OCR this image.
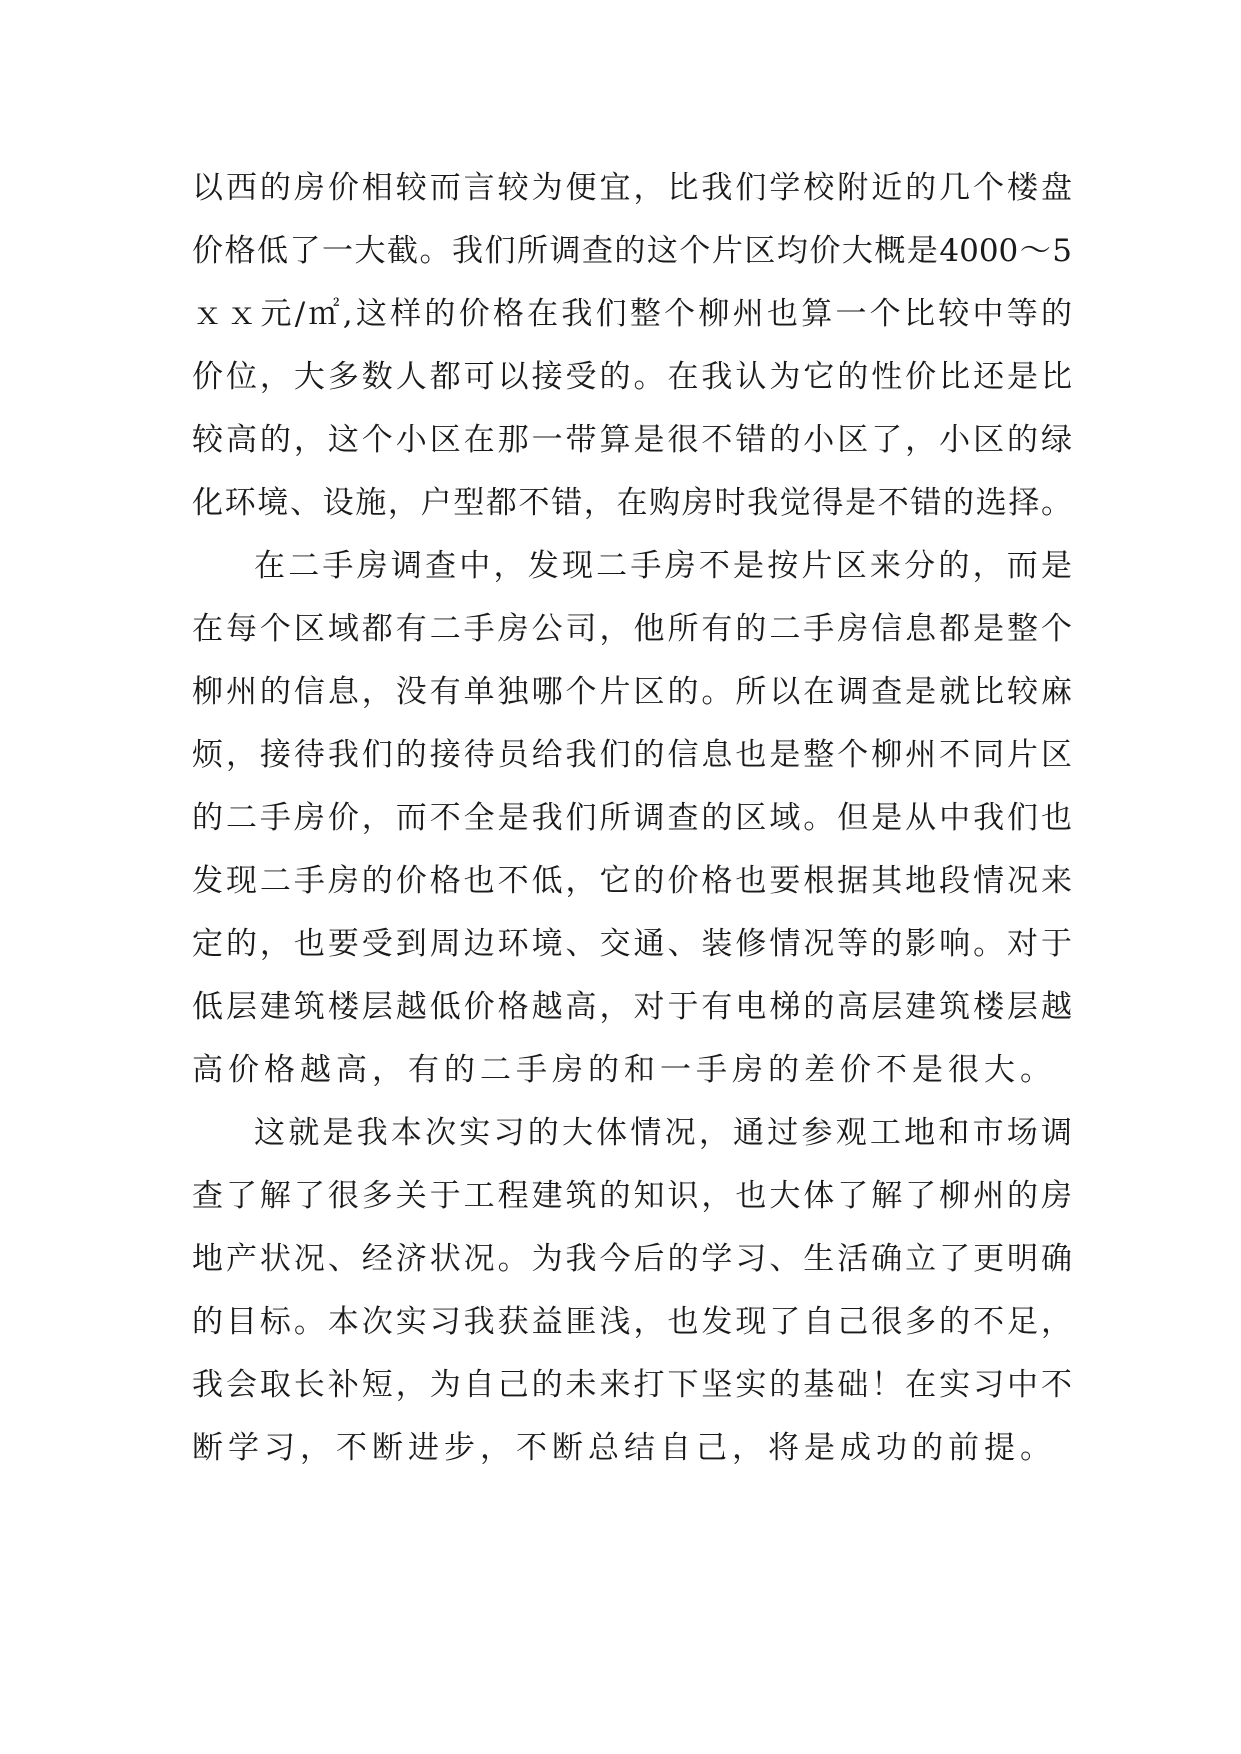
以西的房价相较而言较为便宜，比我们学校附近的几个楼盘
价格低了一大截。我们所调查的这个片区均价大概是4000～5
ｘｘ元/㎡,这样的价格在我们整个柳州也算一个比较中等的
价位，大多数人都可以接受的。在我认为它的性价比还是比
较高的，这个小区在那一带算是很不错的小区了，小区的绿
化环境、设施，户型都不错，在购房时我觉得是不错的选择。
在二手房调查中，发现二手房不是按片区来分的，而是
在每个区域都有二手房公司，他所有的二手房信息都是整个
柳州的信息，没有单独哪个片区的。所以在调查是就比较麻
烦，接待我们的接待员给我们的信息也是整个柳州不同片区
的二手房价，而不全是我们所调查的区域。但是从中我们也
发现二手房的价格也不低，它的价格也要根据其地段情况来
定的，也要受到周边环境、交通、装修情况等的影响。对于
低层建筑楼层越低价格越高，对于有电梯的高层建筑楼层越
高价格越高，有的二手房的和一手房的差价不是很大。
这就是我本次实习的大体情况，通过参观工地和市场调
查了解了很多关于工程建筑的知识，也大体了解了柳州的房
地产状况、经济状况。为我今后的学习、生活确立了更明确
的目标。本次实习我获益匪浅，也发现了自己很多的不足，
我会取长补短，为自己的未来打下坚实的基础！在实习中不
断学习，不断进步，不断总结自己，将是成功的前提。
